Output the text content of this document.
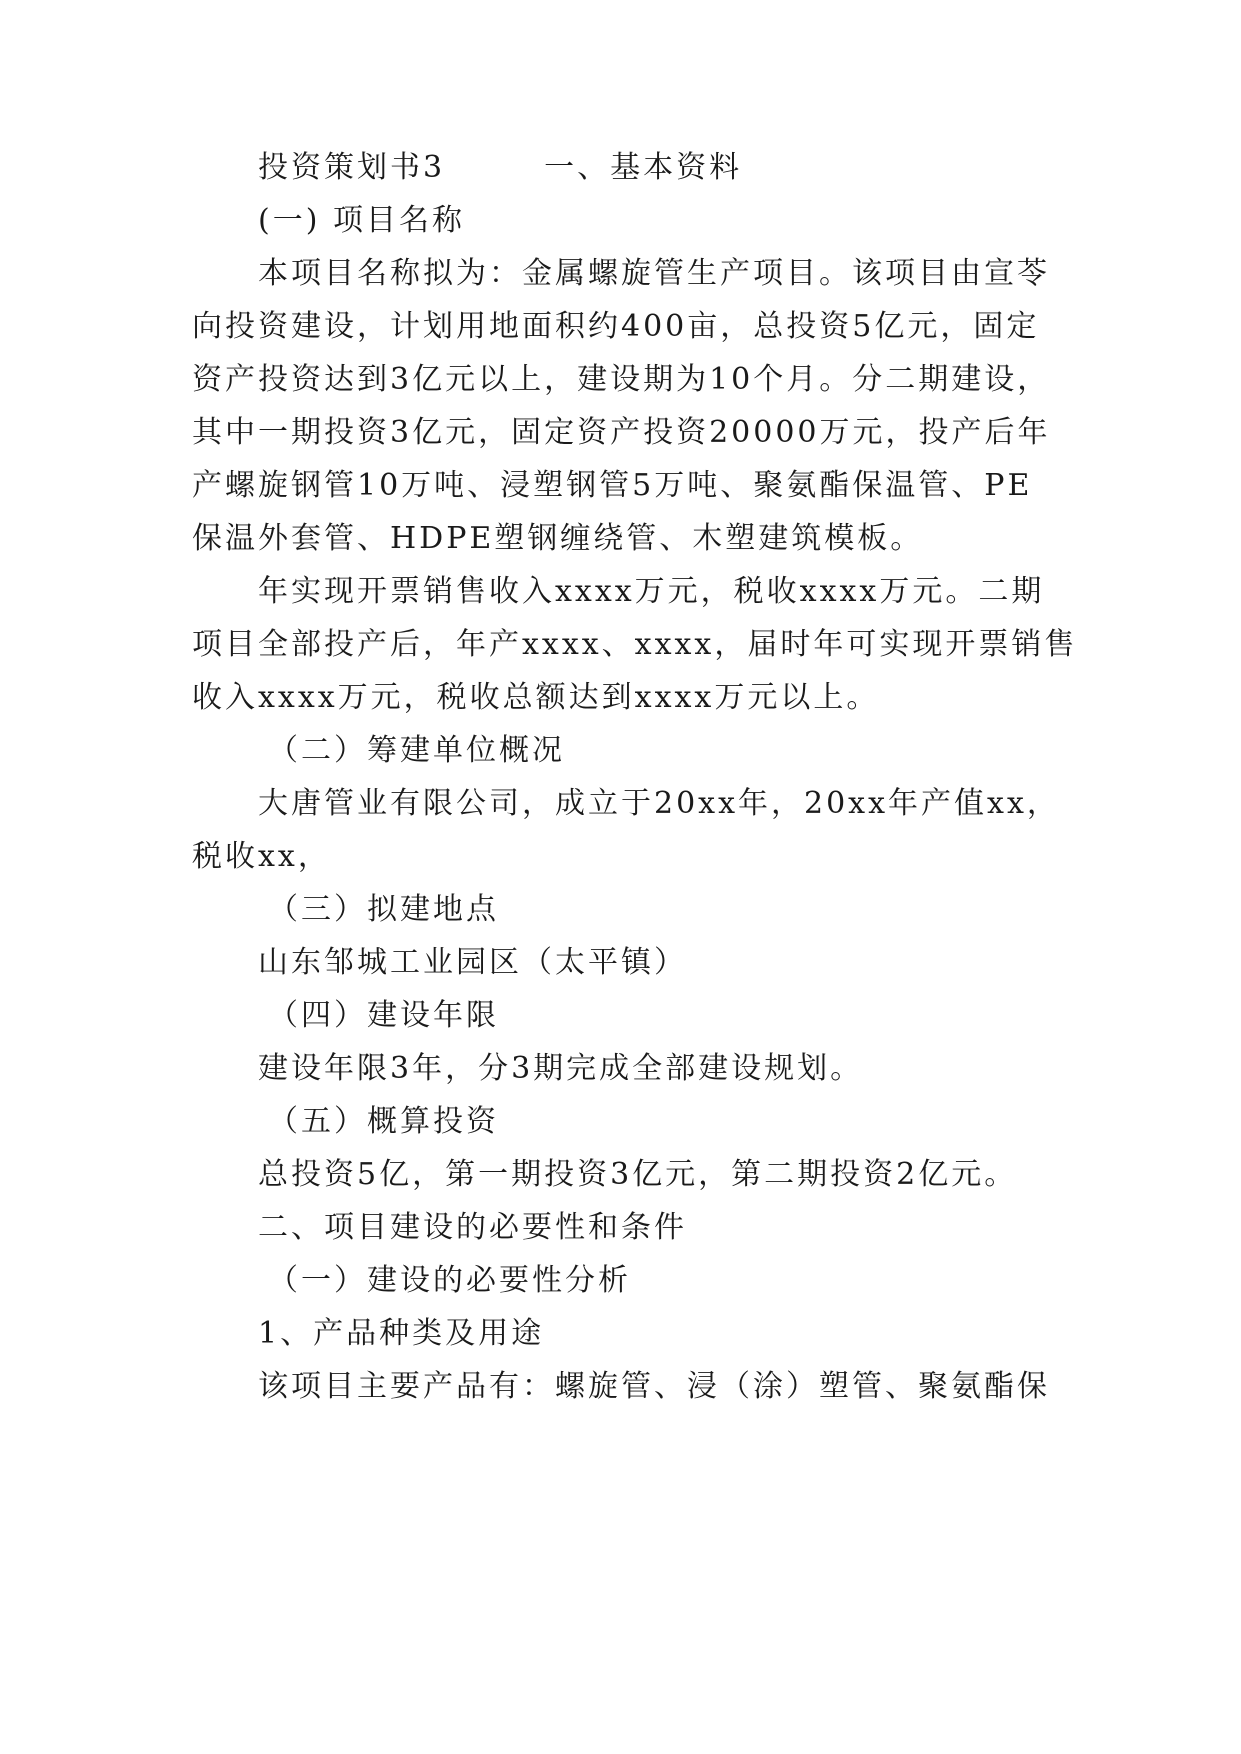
投资策划书3　　　一、基本资料
(一) 项目名称
本项目名称拟为：金属螺旋管生产项目。该项目由宣苓
向投资建设，计划用地面积约400亩，总投资5亿元，固定
资产投资达到3亿元以上，建设期为10个月。分二期建设，
其中一期投资3亿元，固定资产投资20000万元，投产后年
产螺旋钢管10万吨、浸塑钢管5万吨、聚氨酯保温管、PE
保温外套管、HDPE塑钢缠绕管、木塑建筑模板。
年实现开票销售收入xxxx万元，税收xxxx万元。二期
项目全部投产后，年产xxxx、xxxx，届时年可实现开票销售
收入xxxx万元，税收总额达到xxxx万元以上。
（二）筹建单位概况
大唐管业有限公司，成立于20xx年，20xx年产值xx，
税收xx，
（三）拟建地点
山东邹城工业园区（太平镇）
（四）建设年限
建设年限3年，分3期完成全部建设规划。
（五）概算投资
总投资5亿，第一期投资3亿元，第二期投资2亿元。
二、项目建设的必要性和条件
（一）建设的必要性分析
1、产品种类及用途
该项目主要产品有：螺旋管、浸（涂）塑管、聚氨酯保
